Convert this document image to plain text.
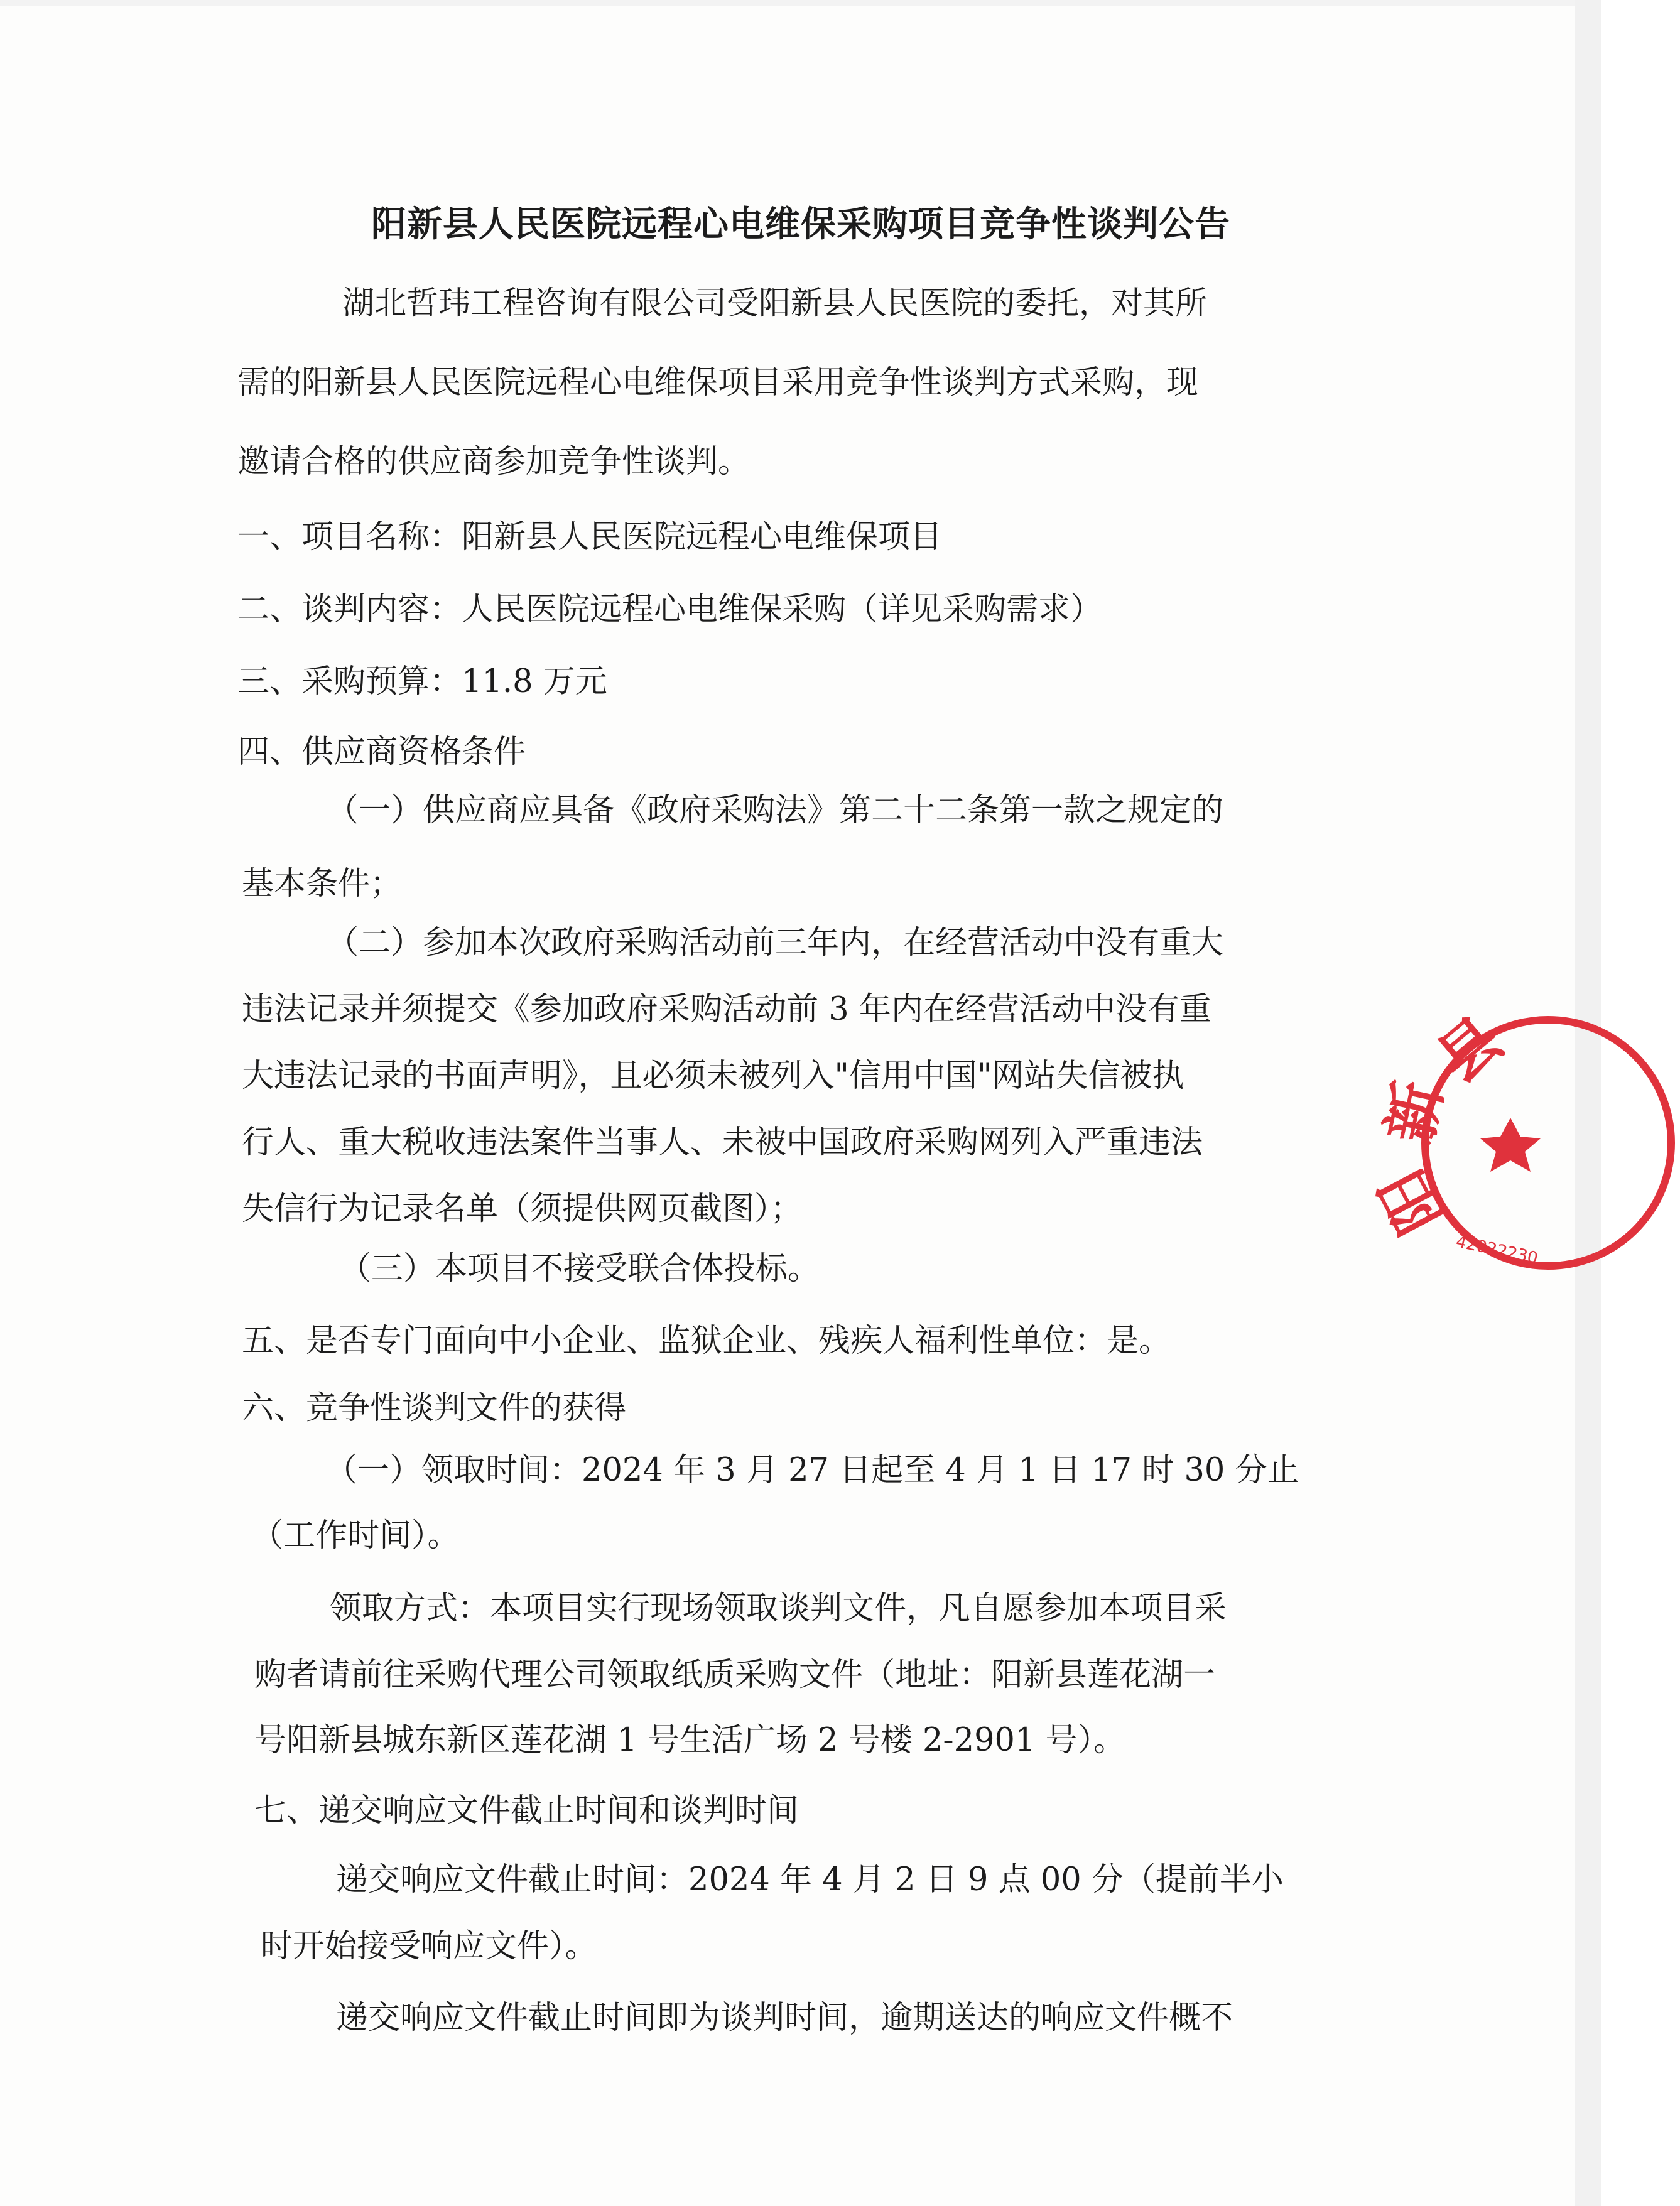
阳新县人民医院远程心电维保采购项目竞争性谈判公告

湖北哲玮工程咨询有限公司受阳新县人民医院的委托，对其所

需的阳新县人民医院远程心电维保项目采用竞争性谈判方式采购，现

邀请合格的供应商参加竞争性谈判。

一、项目名称：阳新县人民医院远程心电维保项目

二、谈判内容：人民医院远程心电维保采购（详见采购需求）

三、采购预算：11.8 万元

四、供应商资格条件

（一）供应商应具备《政府采购法》第二十二条第一款之规定的

基本条件；

（二）参加本次政府采购活动前三年内，在经营活动中没有重大

违法记录并须提交《参加政府采购活动前 3 年内在经营活动中没有重

大违法记录的书面声明》，且必须未被列入"信用中国"网站失信被执

行人、重大税收违法案件当事人、未被中国政府采购网列入严重违法

失信行为记录名单（须提供网页截图）；

（三）本项目不接受联合体投标。

五、是否专门面向中小企业、监狱企业、残疾人福利性单位：是。

六、竞争性谈判文件的获得

（一）领取时间：2024 年 3 月 27 日起至 4 月 1 日 17 时 30 分止

（工作时间）。

领取方式：本项目实行现场领取谈判文件，凡自愿参加本项目采

购者请前往采购代理公司领取纸质采购文件（地址：阳新县莲花湖一

号阳新县城东新区莲花湖 1 号生活广场 2 号楼 2-2901 号）。

七、递交响应文件截止时间和谈判时间

递交响应文件截止时间：2024 年 4 月 2 日 9 点 00 分（提前半小

时开始接受响应文件）。

递交响应文件截止时间即为谈判时间，逾期送达的响应文件概不

县
新
阳
42022230
